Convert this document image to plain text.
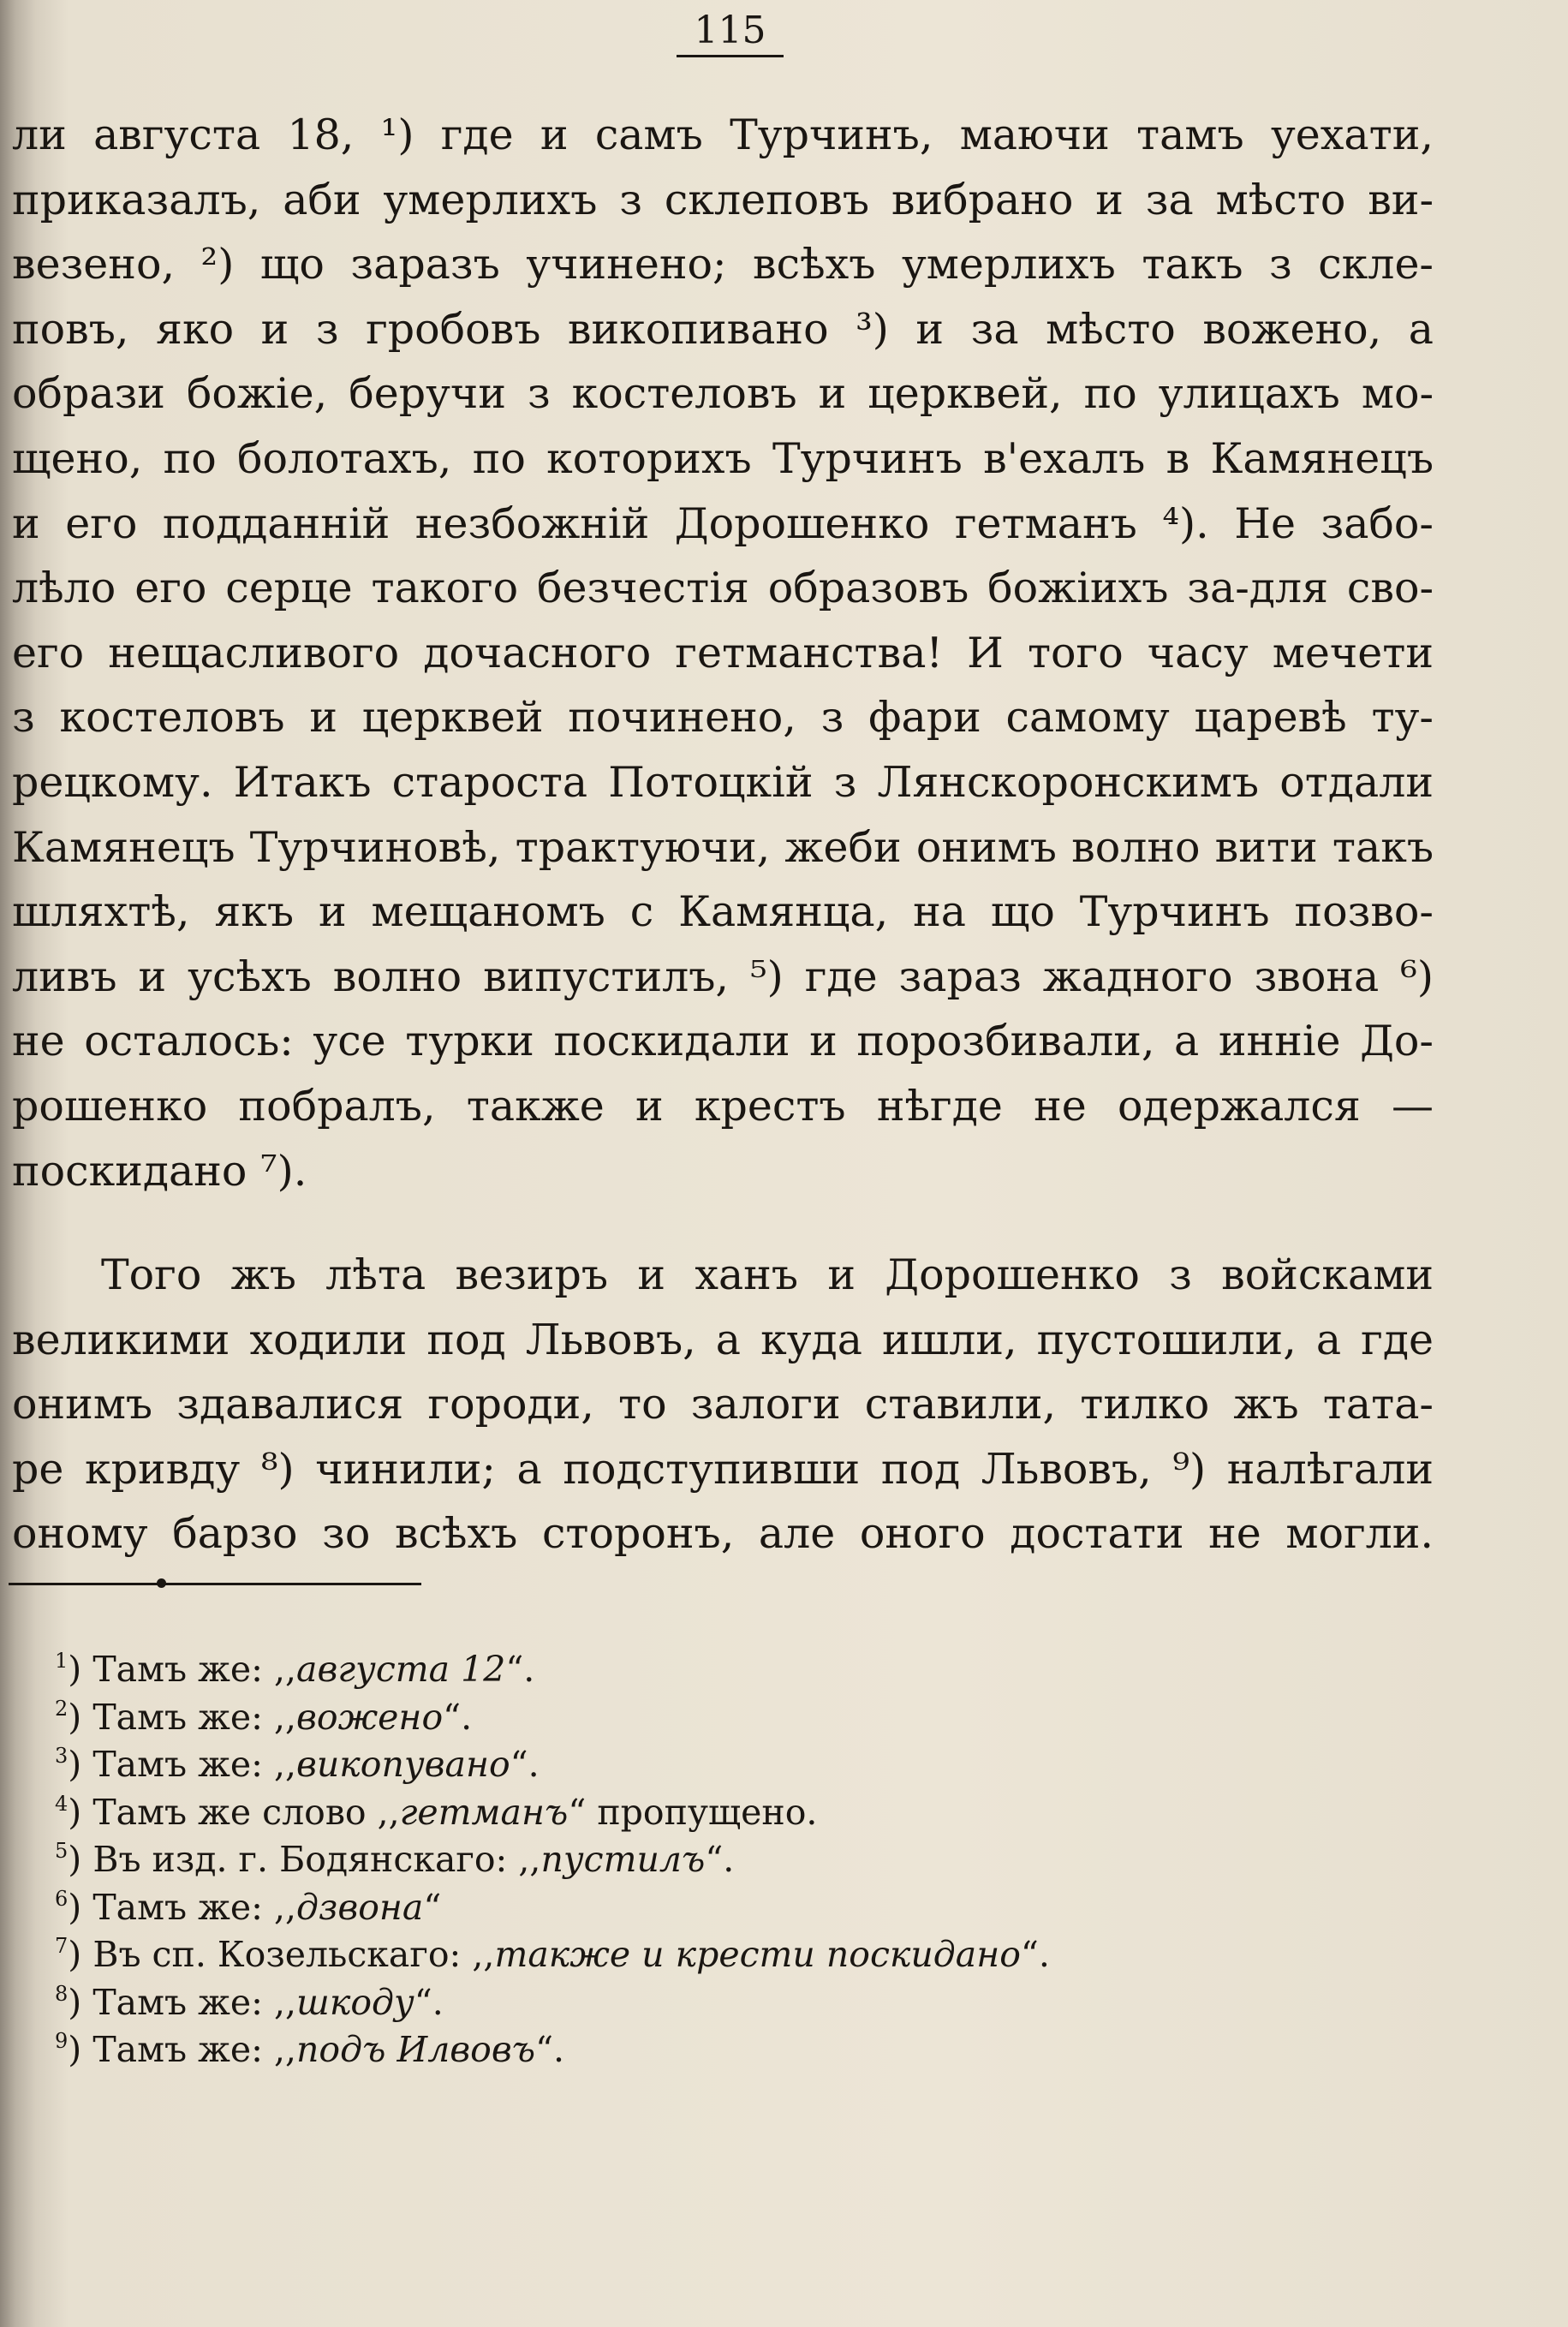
115
ли августа 18, ¹) где и самъ Турчинъ, маючи тамъ уехати,
приказалъ, аби умерлихъ з склеповъ вибрано и за мѣсто ви-
везено, ²) що заразъ учинено; всѣхъ умерлихъ такъ з скле-
повъ, яко и з гробовъ викопивано ³) и за мѣсто вожено, а
образи божіе, беручи з костеловъ и церквей, по улицахъ мо-
щено, по болотахъ, по которихъ Турчинъ в'ехалъ в Камянецъ
и его подданній незбожній Дорошенко гетманъ ⁴). Не забо-
лѣло его серце такого безчестія образовъ божіихъ за-для сво-
его нещасливого дочасного гетманства! И того часу мечети
з костеловъ и церквей починено, з фари самому царевѣ ту-
рецкому. Итакъ староста Потоцкій з Лянскоронскимъ отдали
Камянецъ Турчиновѣ, трактуючи, жеби онимъ волно вити такъ
шляхтѣ, якъ и мещаномъ с Камянца, на що Турчинъ позво-
ливъ и усѣхъ волно випустилъ, ⁵) где зараз жадного звона ⁶)
не осталось: усе турки поскидали и порозбивали, а инніе До-
рошенко побралъ, также и крестъ нѣгде не одержался —
поскидано ⁷).
Того жъ лѣта везиръ и ханъ и Дорошенко з войсками
великими ходили под Львовъ, а куда ишли, пустошили, а где
онимъ здавалися городи, то залоги ставили, тилко жъ тата-
ре кривду ⁸) чинили; а подступивши под Львовъ, ⁹) налѣгали
оному барзо зо всѣхъ сторонъ, але оного достати не могли.
$^1$) Тамъ же: ,,августа 12“.
$^2$) Тамъ же: ,,вожено“.
$^3$) Тамъ же: ,,викопувано“.
$^4$) Тамъ же слово ,,гетманъ“ пропущено.
$^5$) Въ изд. г. Бодянскаго: ,,пустилъ“.
$^6$) Тамъ же: ,,дзвона“
$^7$) Въ сп. Козельскаго: ,,также и крести поскидано“.
$^8$) Тамъ же: ,,шкоду“.
$^9$) Тамъ же: ,,подъ Илвовъ“.
